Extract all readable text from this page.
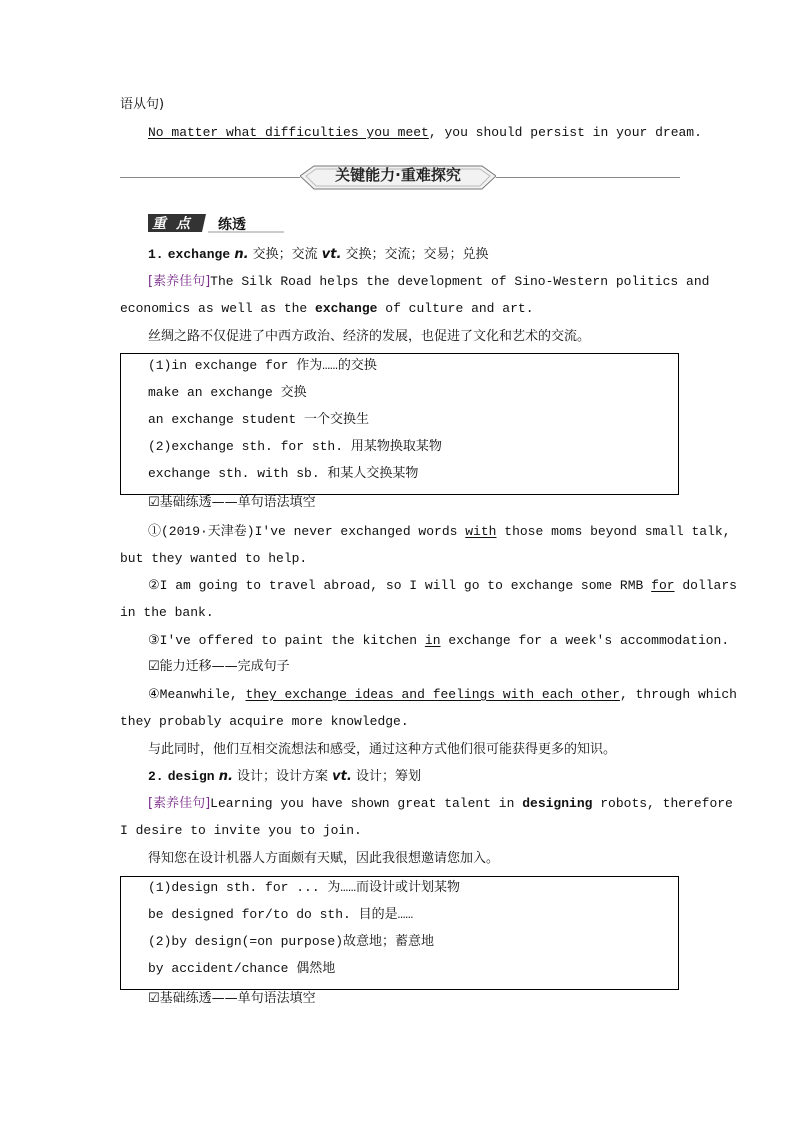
语从句)
No matter what difficulties you meet, you should persist in your dream.
关键能力·重难探究
重 点 练透
1. exchange n. 交换；交流 vt. 交换；交流；交易；兑换
[素养佳句]The Silk Road helps the development of Sino-Western politics and
economics as well as the exchange of culture and art.
丝绸之路不仅促进了中西方政治、经济的发展，也促进了文化和艺术的交流。
(1)in exchange for 作为……的交换
make an exchange 交换
an exchange student 一个交换生
(2)exchange sth. for sth. 用某物换取某物
exchange sth. with sb. 和某人交换某物
☑基础练透——单句语法填空
①(2019·天津卷)I've never exchanged words with those moms beyond small talk,
but they wanted to help.
②I am going to travel abroad, so I will go to exchange some RMB for dollars
in the bank.
③I've offered to paint the kitchen in exchange for a week's accommodation.
☑能力迁移——完成句子
④Meanwhile, they exchange ideas and feelings with each other, through which
they probably acquire more knowledge.
与此同时，他们互相交流想法和感受，通过这种方式他们很可能获得更多的知识。
2. design n. 设计；设计方案 vt. 设计；筹划
[素养佳句]Learning you have shown great talent in designing robots, therefore
I desire to invite you to join.
得知您在设计机器人方面颇有天赋，因此我很想邀请您加入。
(1)design sth. for ... 为……而设计或计划某物
be designed for/to do sth. 目的是……
(2)by design(=on purpose)故意地；蓄意地
by accident/chance 偶然地
☑基础练透——单句语法填空
